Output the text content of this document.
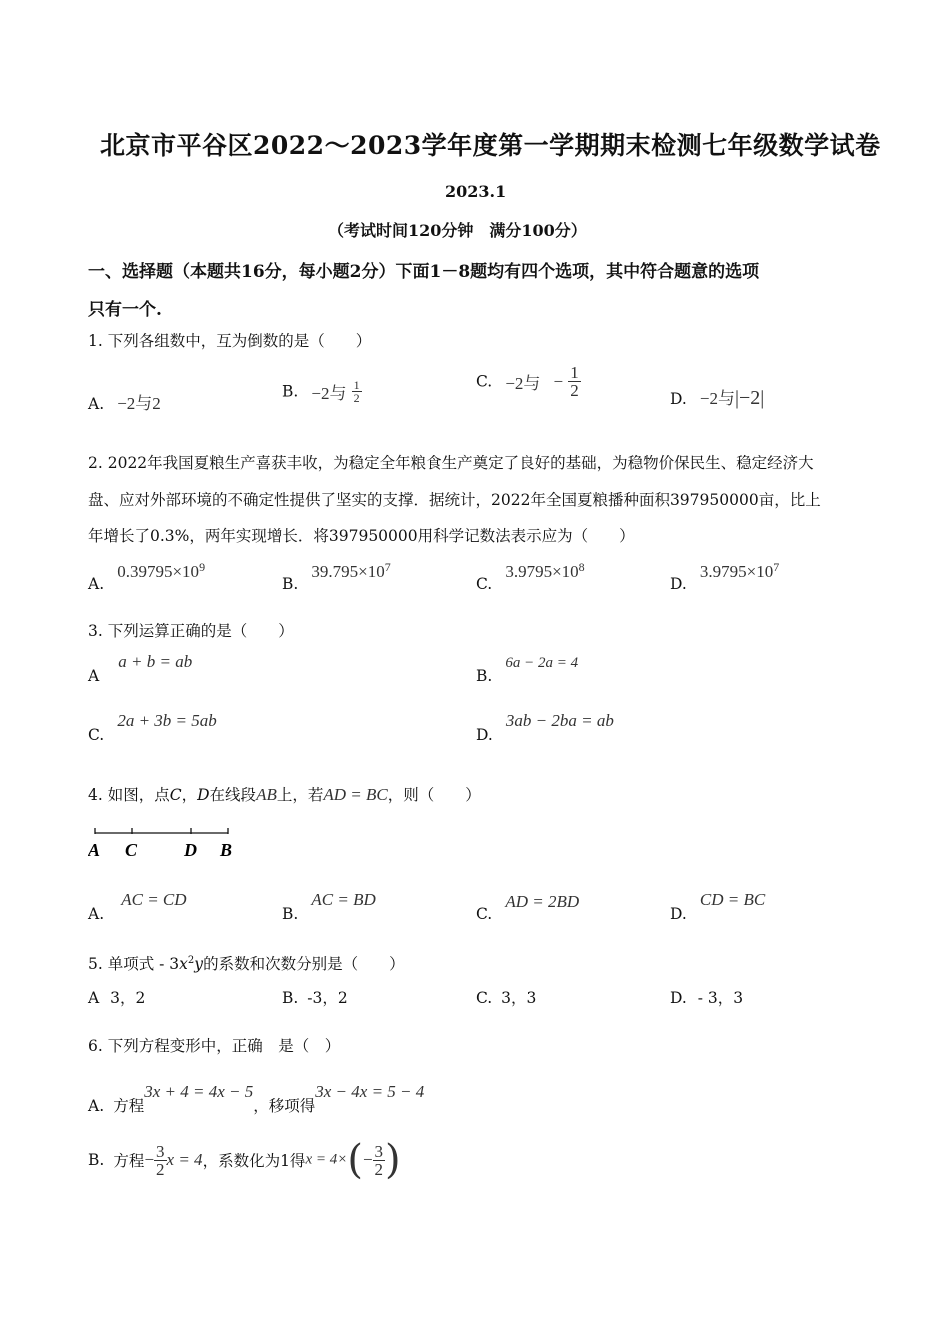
北京市平谷区2022～2023学年度第一学期期末检测七年级数学试卷
2023.1
（考试时间120分钟　满分100分）
一、选择题（本题共16分，每小题2分）下面1－8题均有四个选项，其中符合题意的选项
只有一个.
1. 下列各组数中，互为倒数的是（　　）
A. −2与2
B. −2与 $\frac{1}{2}$	C. −2与 − $\frac{1}{2}$	D. −2与|−2|
2. 2022年我国夏粮生产喜获丰收，为稳定全年粮食生产奠定了良好的基础，为稳物价保民生、稳定经济大
盘、应对外部环境的不确定性提供了坚实的支撑．据统计，2022年全国夏粮播种面积397950000亩，比上
年增长了0.3%，两年实现增长．将397950000用科学记数法表示应为（　　）
A. $0.39795\times 10^9$
B. $39.795\times 10^7$
C. $3.9795\times 10^8$
D. $3.9795\times 10^7$
3. 下列运算正确的是（　　）
A a + b = ab
B. 6a − 2a = 4
C. 2a + 3b = 5ab
D. 3ab − 2ba = ab
4. 如图，点C，D在线段AB上，若AD = BC，则（　　）
A C	D B
A. AC = CD
B. AC = BD
C. AD = 2BD
D. CD = BC
5. 单项式 - $3x^2y$的系数和次数分别是（　　）
A 3，2	B. -3，2	C. 3，3	D. - 3，3
6. 下列方程变形中，正确　是（　）
A. 方程3x + 4 = 4x − 5，移项得3x − 4x = 5 − 4
B. 方程− $\frac{3}{2}$ x = 4，系数化为1得$x = 4\times(- \frac{3}{2}$ )
